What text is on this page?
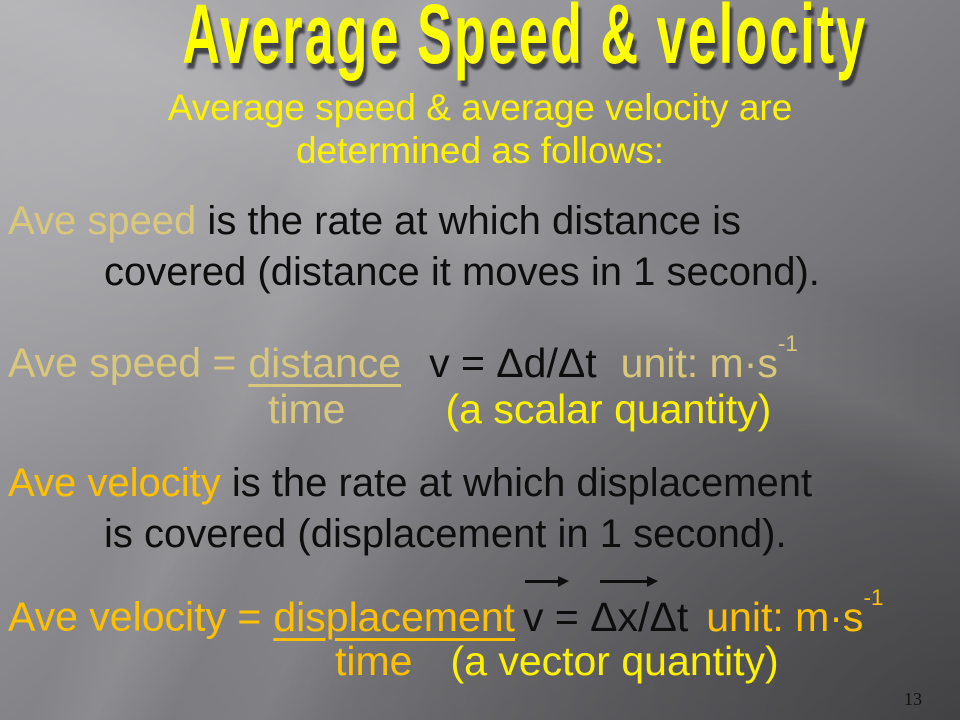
Average Speed & velocity
Average speed & average velocity are
determined as follows:
Ave speed is the rate at which distance is
covered (distance it moves in 1 second).
Ave speed = distance v = Δd/Δt unit: $m\cdot s^{-1}$
time (a scalar quantity)
Ave velocity is the rate at which displacement
is covered (displacement in 1 second).
Ave velocity = displacement v = Δx/Δt unit: $m\cdot s^{-1}$
time (a vector quantity)
13
